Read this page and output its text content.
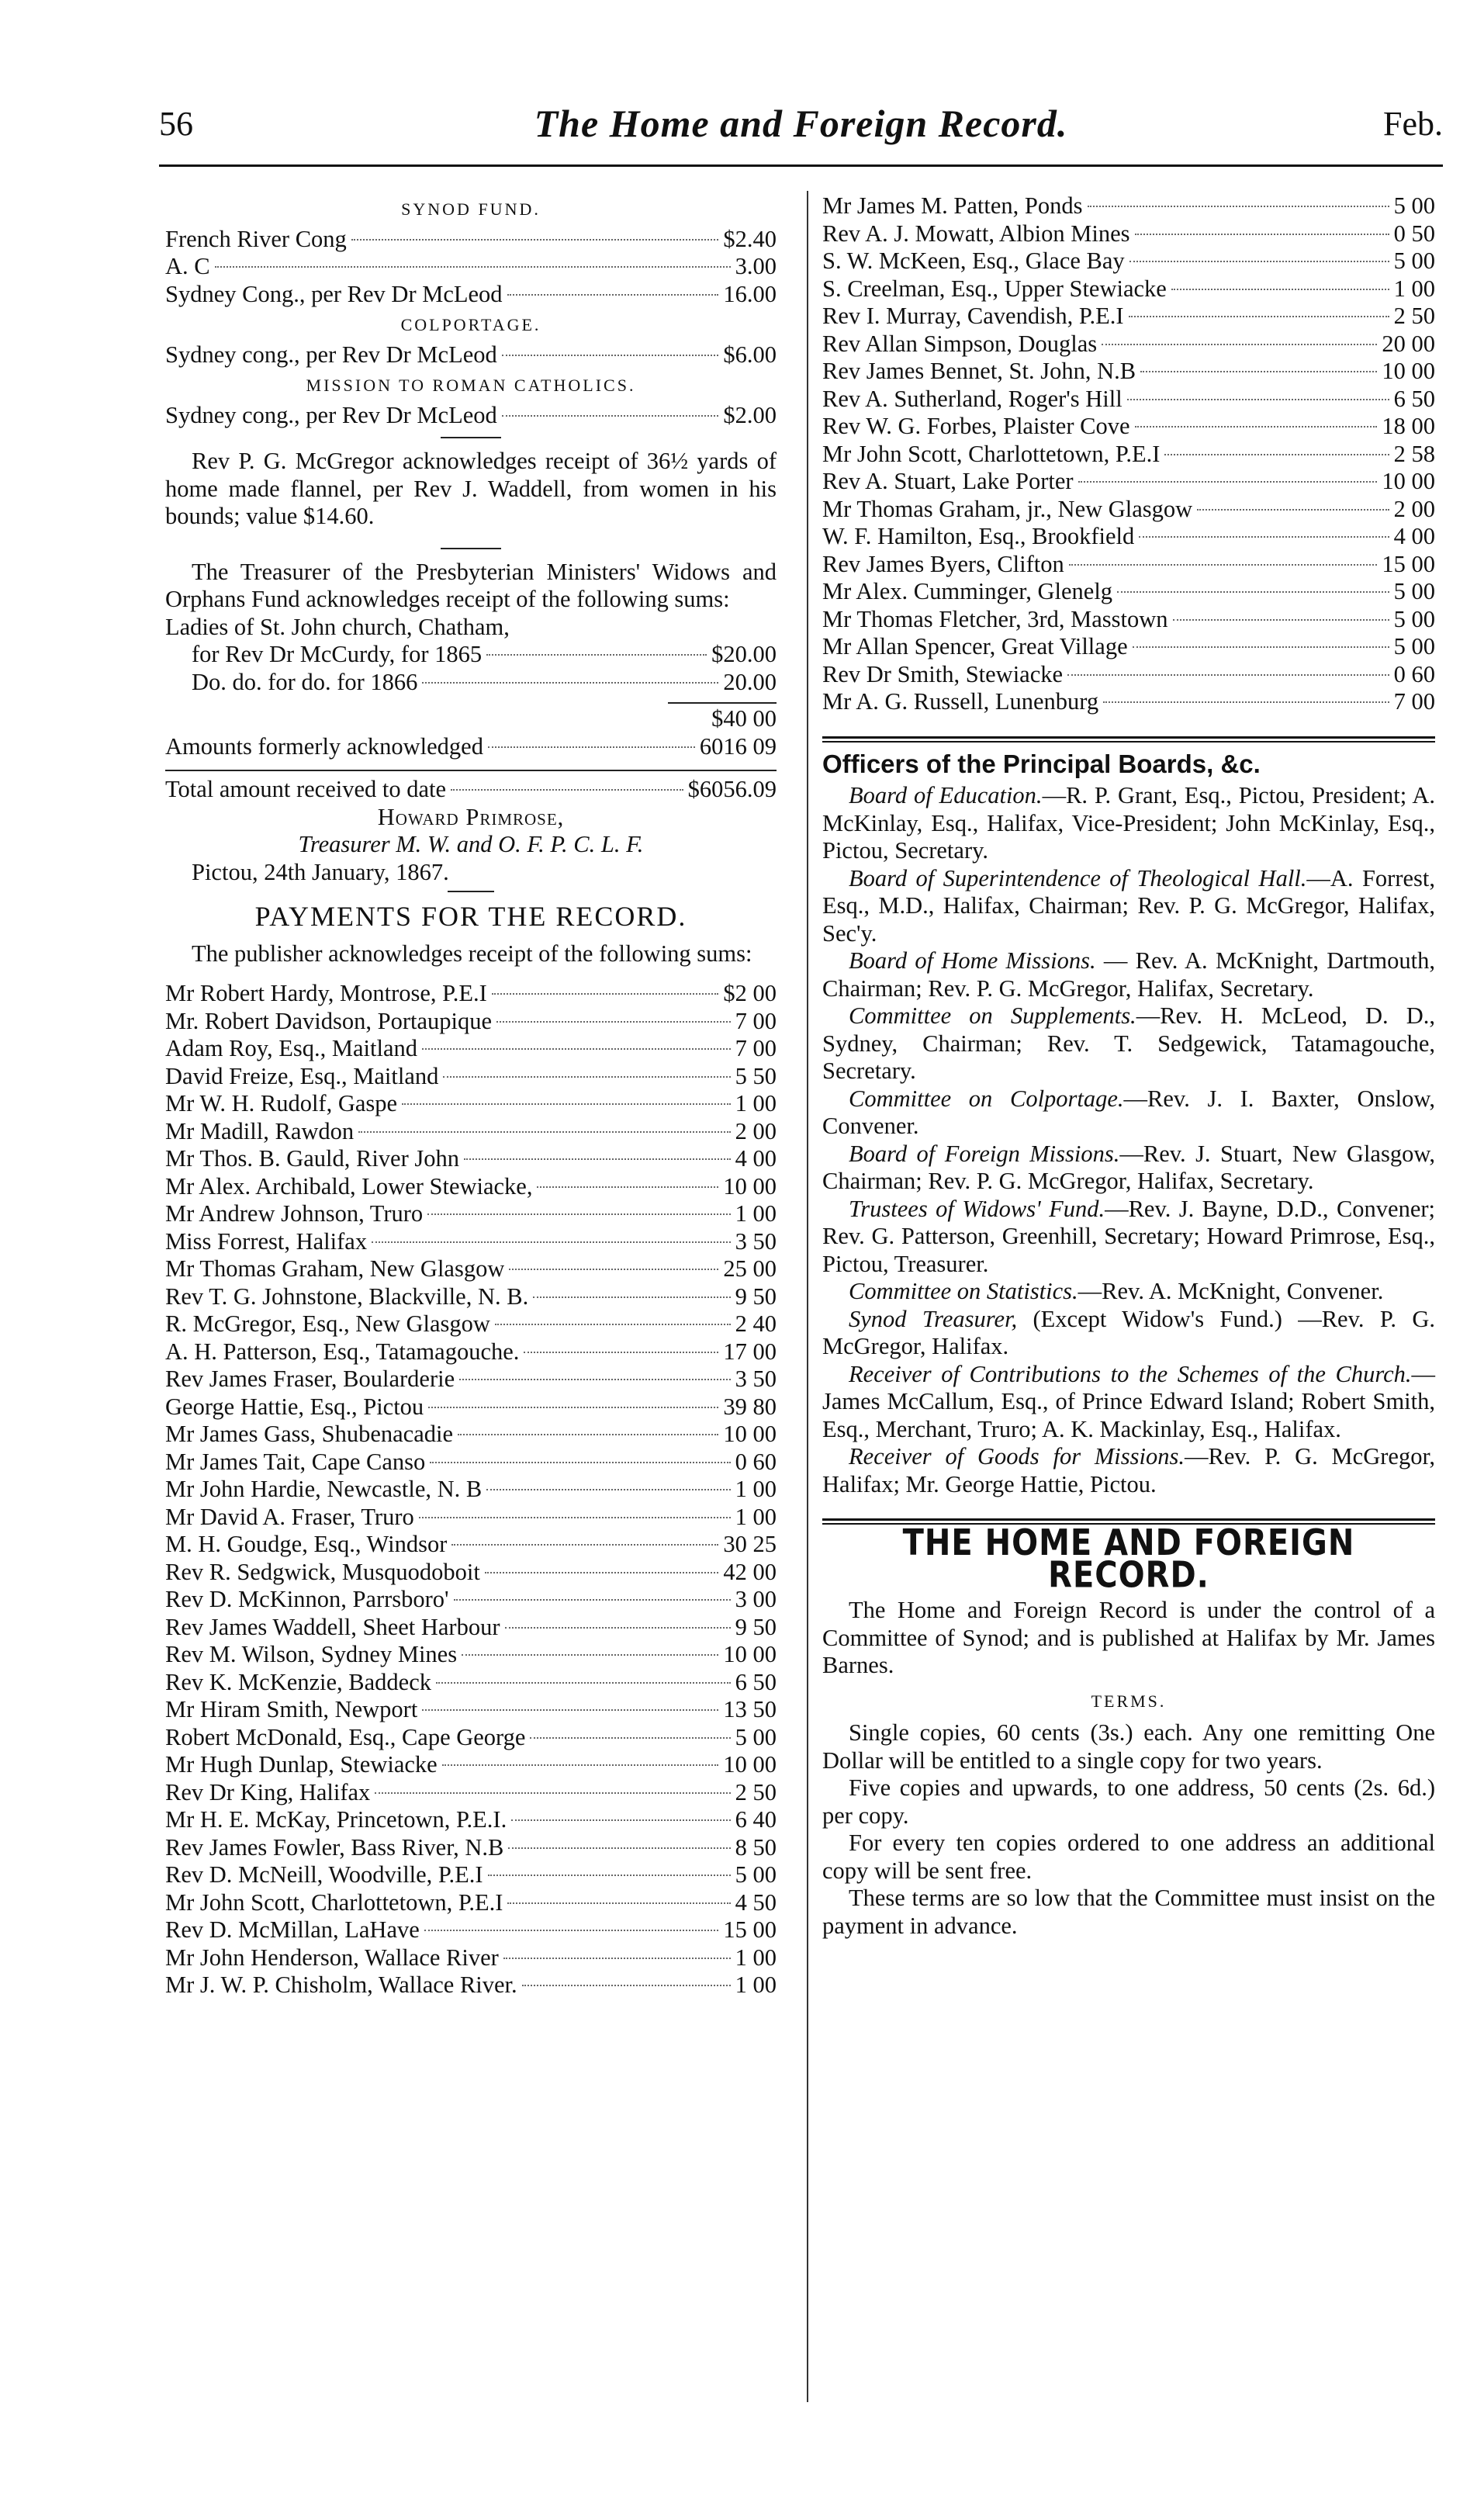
56	The Home and Foreign Record.	Feb.
SYNOD FUND.
French River Cong	$2.40
A. C	3.00
Sydney Cong., per Rev Dr McLeod	16.00
COLPORTAGE.
Sydney cong., per Rev Dr McLeod	$6.00
MISSION TO ROMAN CATHOLICS.
Sydney cong., per Rev Dr McLeod	$2.00

Rev P. G. McGregor acknowledges receipt of 36½ yards of home made flannel, per Rev J. Waddell, from women in his bounds; value $14.60.

The Treasurer of the Presbyterian Ministers' Widows and Orphans Fund acknowledges receipt of the following sums:

Ladies of St. John church, Chatham,
for Rev Dr McCurdy, for 1865	$20.00
Do. do. for do. for 1866	20.00
$40 00
Amounts formerly acknowledged	6016 09
Total amount received to date	$6056.09
Howard Primrose,
Treasurer M. W. and O. F. P. C. L. F.
Pictou, 24th January, 1867.
PAYMENTS FOR THE RECORD.

The publisher acknowledges receipt of the following sums:

Mr Robert Hardy, Montrose, P.E.I	$2 00
Mr. Robert Davidson, Portaupique	7 00
Adam Roy, Esq., Maitland	7 00
David Freize, Esq., Maitland	5 50
Mr W. H. Rudolf, Gaspe	1 00
Mr Madill, Rawdon	2 00
Mr Thos. B. Gauld, River John	4 00
Mr Alex. Archibald, Lower Stewiacke,	10 00
Mr Andrew Johnson, Truro	1 00
Miss Forrest, Halifax	3 50
Mr Thomas Graham, New Glasgow	25 00
Rev T. G. Johnstone, Blackville, N. B.	9 50
R. McGregor, Esq., New Glasgow	2 40
A. H. Patterson, Esq., Tatamagouche.	17 00
Rev James Fraser, Boularderie	3 50
George Hattie, Esq., Pictou	39 80
Mr James Gass, Shubenacadie	10 00
Mr James Tait, Cape Canso	0 60
Mr John Hardie, Newcastle, N. B	1 00
Mr David A. Fraser, Truro	1 00
M. H. Goudge, Esq., Windsor	30 25
Rev R. Sedgwick, Musquodoboit	42 00
Rev D. McKinnon, Parrsboro'	3 00
Rev James Waddell, Sheet Harbour	9 50
Rev M. Wilson, Sydney Mines	10 00
Rev K. McKenzie, Baddeck	6 50
Mr Hiram Smith, Newport	13 50
Robert McDonald, Esq., Cape George	5 00
Mr Hugh Dunlap, Stewiacke	10 00
Rev Dr King, Halifax	2 50
Mr H. E. McKay, Princetown, P.E.I.	6 40
Rev James Fowler, Bass River, N.B	8 50
Rev D. McNeill, Woodville, P.E.I	5 00
Mr John Scott, Charlottetown, P.E.I	4 50
Rev D. McMillan, LaHave	15 00
Mr John Henderson, Wallace River	1 00
Mr J. W. P. Chisholm, Wallace River.	1 00
Mr James M. Patten, Ponds	5 00
Rev A. J. Mowatt, Albion Mines	0 50
S. W. McKeen, Esq., Glace Bay	5 00
S. Creelman, Esq., Upper Stewiacke	1 00
Rev I. Murray, Cavendish, P.E.I	2 50
Rev Allan Simpson, Douglas	20 00
Rev James Bennet, St. John, N.B	10 00
Rev A. Sutherland, Roger's Hill	6 50
Rev W. G. Forbes, Plaister Cove	18 00
Mr John Scott, Charlottetown, P.E.I	2 58
Rev A. Stuart, Lake Porter	10 00
Mr Thomas Graham, jr., New Glasgow	2 00
W. F. Hamilton, Esq., Brookfield	4 00
Rev James Byers, Clifton	15 00
Mr Alex. Cumminger, Glenelg	5 00
Mr Thomas Fletcher, 3rd, Masstown	5 00
Mr Allan Spencer, Great Village	5 00
Rev Dr Smith, Stewiacke	0 60
Mr A. G. Russell, Lunenburg	7 00
Officers of the Principal Boards, &c.

Board of Education.—R. P. Grant, Esq., Pictou, President; A. McKinlay, Esq., Halifax, Vice-President; John McKinlay, Esq., Pictou, Secretary.

Board of Superintendence of Theological Hall.—A. Forrest, Esq., M.D., Halifax, Chairman; Rev. P. G. McGregor, Halifax, Sec'y.

Board of Home Missions. — Rev. A. McKnight, Dartmouth, Chairman; Rev. P. G. McGregor, Halifax, Secretary.

Committee on Supplements.—Rev. H. McLeod, D. D., Sydney, Chairman; Rev. T. Sedgewick, Tatamagouche, Secretary.

Committee on Colportage.—Rev. J. I. Baxter, Onslow, Convener.

Board of Foreign Missions.—Rev. J. Stuart, New Glasgow, Chairman; Rev. P. G. McGregor, Halifax, Secretary.

Trustees of Widows' Fund.—Rev. J. Bayne, D.D., Convener; Rev. G. Patterson, Greenhill, Secretary; Howard Primrose, Esq., Pictou, Treasurer.

Committee on Statistics.—Rev. A. McKnight, Convener.

Synod Treasurer, (Except Widow's Fund.) —Rev. P. G. McGregor, Halifax.

Receiver of Contributions to the Schemes of the Church.—James McCallum, Esq., of Prince Edward Island; Robert Smith, Esq., Merchant, Truro; A. K. Mackinlay, Esq., Halifax.

Receiver of Goods for Missions.—Rev. P. G. McGregor, Halifax; Mr. George Hattie, Pictou.

THE HOME AND FOREIGN RECORD.

The Home and Foreign Record is under the control of a Committee of Synod; and is published at Halifax by Mr. James Barnes.

TERMS.

Single copies, 60 cents (3s.) each. Any one remitting One Dollar will be entitled to a single copy for two years.

Five copies and upwards, to one address, 50 cents (2s. 6d.) per copy.

For every ten copies ordered to one address an additional copy will be sent free.

These terms are so low that the Committee must insist on the payment in advance.
